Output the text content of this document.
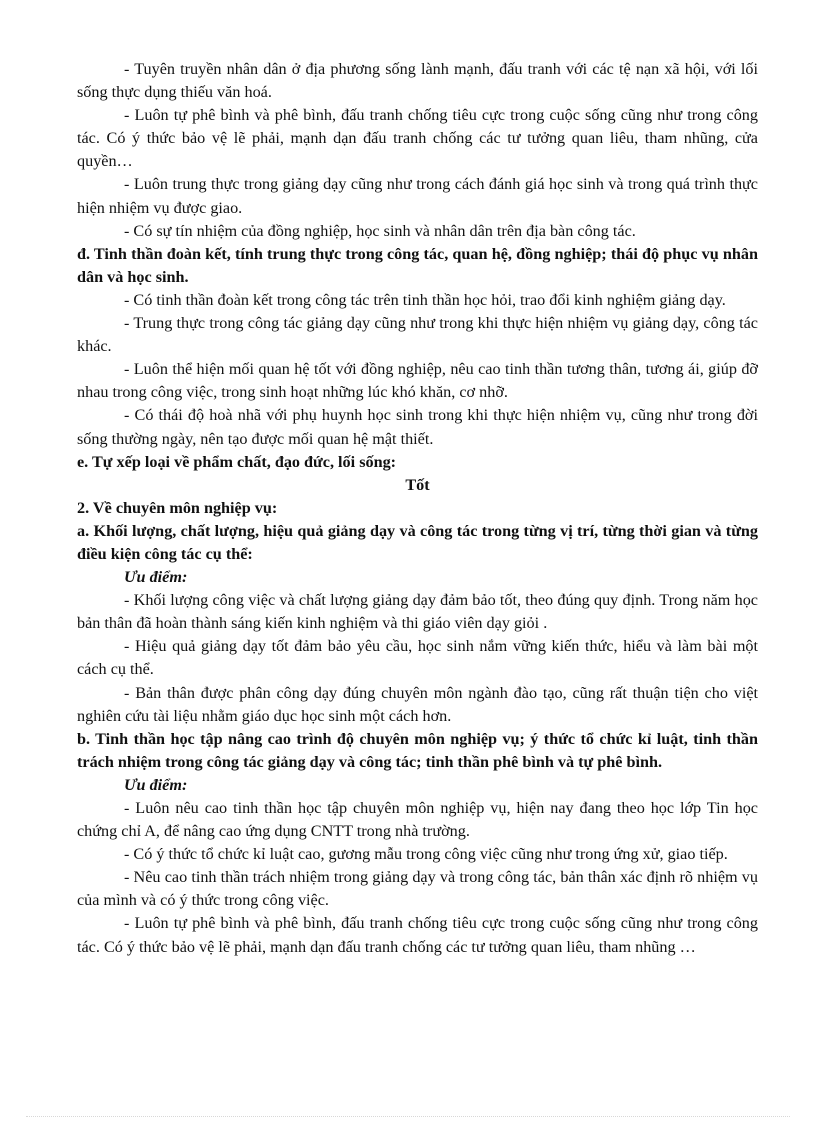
- Tuyên truyền nhân dân ở địa phương sống lành mạnh, đấu tranh với các tệ nạn xã hội, với lối sống thực dụng thiếu văn hoá.

- Luôn tự phê bình và phê bình, đấu tranh chống tiêu cực trong cuộc sống cũng như trong công tác. Có ý thức bảo vệ lẽ phải, mạnh dạn đấu tranh chống các tư tưởng quan liêu, tham nhũng, cửa quyền…

- Luôn trung thực trong giảng dạy cũng như trong cách đánh giá học sinh và trong quá trình thực hiện nhiệm vụ được giao.

- Có sự tín nhiệm của đồng nghiệp, học sinh và nhân dân trên địa bàn công tác.

đ. Tinh thần đoàn kết, tính trung thực trong công tác, quan hệ, đồng nghiệp; thái độ phục vụ nhân dân và học sinh.

- Có tinh thần đoàn kết trong công tác trên tinh thần học hỏi, trao đổi kinh nghiệm giảng dạy.

- Trung thực trong công tác giảng dạy cũng như trong khi thực hiện nhiệm vụ giảng dạy, công tác khác.

- Luôn thể hiện mối quan hệ tốt với đồng nghiệp, nêu cao tinh thần tương thân, tương ái, giúp đỡ nhau trong công việc, trong sinh hoạt những lúc khó khăn, cơ nhỡ.

- Có thái độ hoà nhã với phụ huynh học sinh trong khi thực hiện nhiệm vụ, cũng như trong đời sống thường ngày, nên tạo được mối quan hệ mật thiết.

e. Tự xếp loại về phẩm chất, đạo đức, lối sống:

Tốt

2. Về chuyên môn nghiệp vụ:

a. Khối lượng, chất lượng, hiệu quả giảng dạy và công tác trong từng vị trí, từng thời gian và từng điều kiện công tác cụ thể:

Ưu điểm:

- Khối lượng công việc và chất lượng giảng dạy đảm bảo tốt, theo đúng quy định. Trong năm học bản thân đã hoàn thành sáng kiến kinh nghiệm và thi giáo viên dạy giỏi .

- Hiệu quả giảng dạy tốt đảm bảo yêu cầu, học sinh nắm vững kiến thức, hiểu và làm bài một cách cụ thể.

- Bản thân được phân công dạy đúng chuyên môn ngành đào tạo, cũng rất thuận tiện cho việt nghiên cứu tài liệu nhằm giáo dục học sinh một cách hơn.

b. Tinh thần học tập nâng cao trình độ chuyên môn nghiệp vụ; ý thức tổ chức kỉ luật, tinh thần trách nhiệm trong công tác giảng dạy và công tác; tinh thần phê bình và tự phê bình.

Ưu điểm:

- Luôn nêu cao tinh thần học tập chuyên môn nghiệp vụ, hiện nay đang theo học lớp Tin học chứng chỉ A, để nâng cao ứng dụng CNTT trong nhà trường.

- Có ý thức tổ chức kỉ luật cao, gương mẫu trong công việc cũng như trong ứng xử, giao tiếp.

- Nêu cao tinh thần trách nhiệm trong giảng dạy và trong công tác, bản thân xác định rõ nhiệm vụ của mình và có ý thức trong công việc.

- Luôn tự phê bình và phê bình, đấu tranh chống tiêu cực trong cuộc sống cũng như trong công tác. Có ý thức bảo vệ lẽ phải, mạnh dạn đấu tranh chống các tư tưởng quan liêu, tham nhũng …
